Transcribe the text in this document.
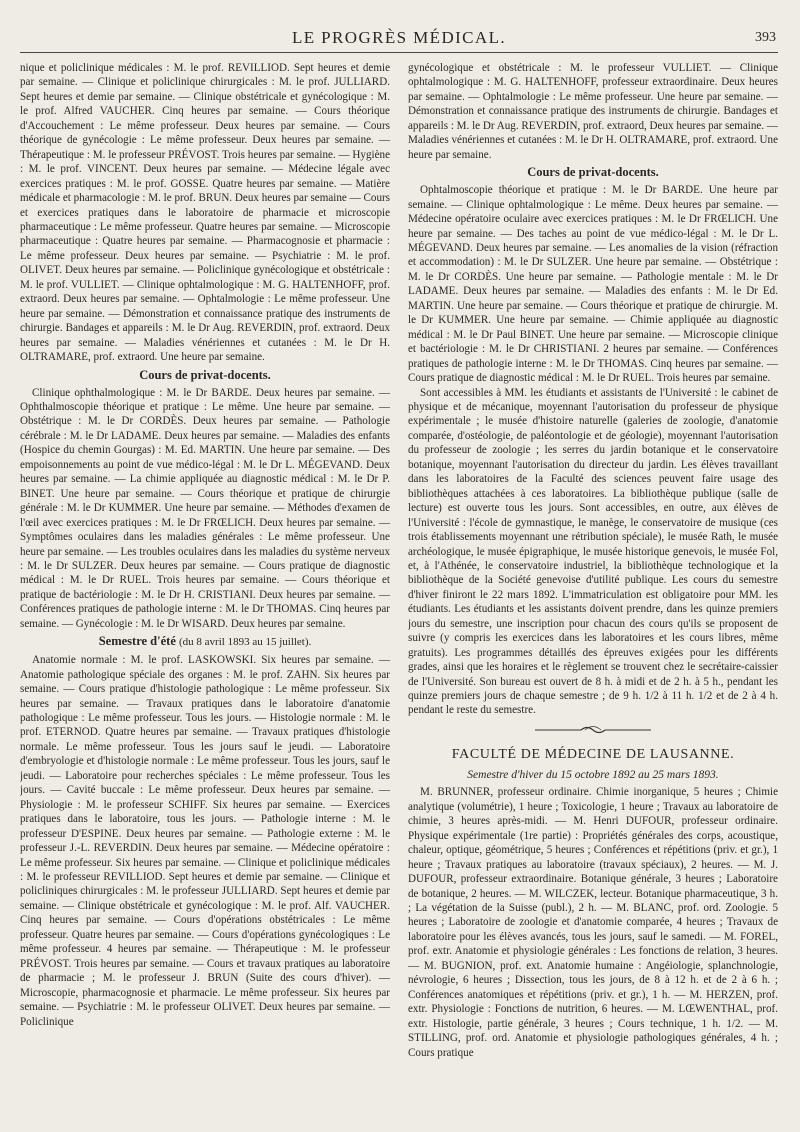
LE PROGRÈS MÉDICAL.	393

nique et policlinique médicales : M. le prof. REVILLIOD. Sept heures et demie par semaine. — Clinique et policlinique chirurgicales : M. le prof. JULLIARD. Sept heures et demie par semaine. — Clinique obstétricale et gynécologique : M. le prof. Alfred VAUCHER. Cinq heures par semaine. — Cours théorique d'Accouchement : Le même professeur. Deux heures par semaine. — Cours théorique de gynécologie : Le même professeur. Deux heures par semaine. — Thérapeutique : M. le professeur PRÉVOST. Trois heures par semaine. — Hygiène : M. le prof. VINCENT. Deux heures par semaine. — Médecine légale avec exercices pratiques : M. le prof. GOSSE. Quatre heures par semaine. — Matière médicale et pharmacologie : M. le prof. BRUN. Deux heures par semaine — Cours et exercices pratiques dans le laboratoire de pharmacie et microscopie pharmaceutique : Le même professeur. Quatre heures par semaine. — Microscopie pharmaceutique : Quatre heures par semaine. — Pharmacognosie et pharmacie : Le même professeur. Deux heures par semaine. — Psychiatrie : M. le prof. OLIVET. Deux heures par semaine. — Policlinique gynécologique et obstétricale : M. le prof. VULLIET. — Clinique ophtalmologique : M. G. HALTENHOFF, prof. extraord. Deux heures par semaine. — Ophtalmologie : Le même professeur. Une heure par semaine. — Démonstration et connaissance pratique des instruments de chirurgie. Bandages et appareils : M. le Dr Aug. REVERDIN, prof. extraord. Deux heures par semaine. — Maladies vénériennes et cutanées : M. le Dr H. OLTRAMARE, prof. extraord. Une heure par semaine.

Cours de privat-docents.

Clinique ophthalmologique : M. le Dr BARDE. Deux heures par semaine. — Ophthalmoscopie théorique et pratique : Le même. Une heure par semaine. — Obstétrique : M. le Dr CORDÈS. Deux heures par semaine. — Pathologie cérébrale : M. le Dr LADAME. Deux heures par semaine. — Maladies des enfants (Hospice du chemin Gourgas) : M. Ed. MARTIN. Une heure par semaine. — Des empoisonnements au point de vue médico-légal : M. le Dr L. MÉGEVAND. Deux heures par semaine. — La chimie appliquée au diagnostic médical : M. le Dr P. BINET. Une heure par semaine. — Cours théorique et pratique de chirurgie générale : M. le Dr KUMMER. Une heure par semaine. — Méthodes d'examen de l'œil avec exercices pratiques : M. le Dr FRŒLICH. Deux heures par semaine. — Symptômes oculaires dans les maladies générales : Le même professeur. Une heure par semaine. — Les troubles oculaires dans les maladies du système nerveux : M. le Dr SULZER. Deux heures par semaine. — Cours pratique de diagnostic médical : M. le Dr RUEL. Trois heures par semaine. — Cours théorique et pratique de bactériologie : M. le Dr H. CRISTIANI. Deux heures par semaine. — Conférences pratiques de pathologie interne : M. le Dr THOMAS. Cinq heures par semaine. — Gynécologie : M. le Dr WISARD. Deux heures par semaine.

Semestre d'été (du 8 avril 1893 au 15 juillet).

Anatomie normale : M. le prof. LASKOWSKI. Six heures par semaine. — Anatomie pathologique spéciale des organes : M. le prof. ZAHN. Six heures par semaine. — Cours pratique d'histologie pathologique : Le même professeur. Six heures par semaine. — Travaux pratiques dans le laboratoire d'anatomie pathologique : Le même professeur. Tous les jours. — Histologie normale : M. le prof. ETERNOD. Quatre heures par semaine. — Travaux pratiques d'histologie normale. Le même professeur. Tous les jours sauf le jeudi. — Laboratoire d'embryologie et d'histologie normale : Le même professeur. Tous les jours, sauf le jeudi. — Laboratoire pour recherches spéciales : Le même professeur. Tous les jours. — Cavité buccale : Le même professeur. Deux heures par semaine. — Physiologie : M. le professeur SCHIFF. Six heures par semaine. — Exercices pratiques dans le laboratoire, tous les jours. — Pathologie interne : M. le professeur D'ESPINE. Deux heures par semaine. — Pathologie externe : M. le professeur J.-L. REVERDIN. Deux heures par semaine. — Médecine opératoire : Le même professeur. Six heures par semaine. — Clinique et policlinique médicales : M. le professeur REVILLIOD. Sept heures et demie par semaine. — Clinique et policliniques chirurgicales : M. le professeur JULLIARD. Sept heures et demie par semaine. — Clinique obstétricale et gynécologique : M. le prof. Alf. VAUCHER. Cinq heures par semaine. — Cours d'opérations obstétricales : Le même professeur. Quatre heures par semaine. — Cours d'opérations gynécologiques : Le même professeur. 4 heures par semaine. — Thérapeutique : M. le professeur PRÉVOST. Trois heures par semaine. — Cours et travaux pratiques au laboratoire de pharmacie ; M. le professeur J. BRUN (Suite des cours d'hiver). — Microscopie, pharmacognosie et pharmacie. Le même professeur. Six heures par semaine. — Psychiatrie : M. le professeur OLIVET. Deux heures par semaine. — Policlinique

gynécologique et obstétricale : M. le professeur VULLIET. — Clinique ophtalmologique : M. G. HALTENHOFF, professeur extraordinaire. Deux heures par semaine. — Ophtalmologie : Le même professeur. Une heure par semaine. — Démonstration et connaissance pratique des instruments de chirurgie. Bandages et appareils : M. le Dr Aug. REVERDIN, prof. extraord, Deux heures par semaine. — Maladies vénériennes et cutanées : M. le Dr H. OLTRAMARE, prof. extraord. Une heure par semaine.

Cours de privat-docents.

Ophtalmoscopie théorique et pratique : M. le Dr BARDE. Une heure par semaine. — Clinique ophtalmologique : Le même. Deux heures par semaine. — Médecine opératoire oculaire avec exercices pratiques : M. le Dr FRŒLICH. Une heure par semaine. — Des taches au point de vue médico-légal : M. le Dr L. MÉGEVAND. Deux heures par semaine. — Les anomalies de la vision (réfraction et accommodation) : M. le Dr SULZER. Une heure par semaine. — Obstétrique : M. le Dr CORDÈS. Une heure par semaine. — Pathologie mentale : M. le Dr LADAME. Deux heures par semaine. — Maladies des enfants : M. le Dr Ed. MARTIN. Une heure par semaine. — Cours théorique et pratique de chirurgie. M. le Dr KUMMER. Une heure par semaine. — Chimie appliquée au diagnostic médical : M. le Dr Paul BINET. Une heure par semaine. — Microscopie clinique et bactériologie : M. le Dr CHRISTIANI. 2 heures par semaine. — Conférences pratiques de pathologie interne : M. le Dr THOMAS. Cinq heures par semaine. — Cours pratique de diagnostic médical : M. le Dr RUEL. Trois heures par semaine.

Sont accessibles à MM. les étudiants et assistants de l'Université : le cabinet de physique et de mécanique, moyennant l'autorisation du professeur de physique expérimentale ; le musée d'histoire naturelle (galeries de zoologie, d'anatomie comparée, d'ostéologie, de paléontologie et de géologie), moyennant l'autorisation du professeur de zoologie ; les serres du jardin botanique et le conservatoire botanique, moyennant l'autorisation du directeur du jardin. Les élèves travaillant dans les laboratoires de la Faculté des sciences peuvent faire usage des bibliothèques attachées à ces laboratoires. La bibliothèque publique (salle de lecture) est ouverte tous les jours. Sont accessibles, en outre, aux élèves de l'Université : l'école de gymnastique, le manège, le conservatoire de musique (ces trois établissements moyennant une rétribution spéciale), le musée Rath, le musée archéologique, le musée épigraphique, le musée historique genevois, le musée Fol, et, à l'Athénée, le conservatoire industriel, la bibliothèque technologique et la bibliothèque de la Société genevoise d'utilité publique. Les cours du semestre d'hiver finiront le 22 mars 1892. L'immatriculation est obligatoire pour MM. les étudiants. Les étudiants et les assistants doivent prendre, dans les quinze premiers jours du semestre, une inscription pour chacun des cours qu'ils se proposent de suivre (y compris les exercices dans les laboratoires et les cours libres, même gratuits). Les programmes détaillés des épreuves exigées pour les différents grades, ainsi que les horaires et le règlement se trouvent chez le secrétaire-caissier de l'Université. Son bureau est ouvert de 8 h. à midi et de 2 h. à 5 h., pendant les quinze premiers jours de chaque semestre ; de 9 h. 1/2 à 11 h. 1/2 et de 2 à 4 h. pendant le reste du semestre.

FACULTÉ DE MÉDECINE DE LAUSANNE.
Semestre d'hiver du 15 octobre 1892 au 25 mars 1893.

M. BRUNNER, professeur ordinaire. Chimie inorganique, 5 heures ; Chimie analytique (volumétrie), 1 heure ; Toxicologie, 1 heure ; Travaux au laboratoire de chimie, 3 heures après-midi. — M. Henri DUFOUR, professeur ordinaire. Physique expérimentale (1re partie) : Propriétés générales des corps, acoustique, chaleur, optique, géométrique, 5 heures ; Conférences et répétitions (priv. et gr.), 1 heure ; Travaux pratiques au laboratoire (travaux spéciaux), 2 heures. — M. J. DUFOUR, professeur extraordinaire. Botanique générale, 3 heures ; Laboratoire de botanique, 2 heures. — M. WILCZEK, lecteur. Botanique pharmaceutique, 3 h. ; La végétation de la Suisse (publ.), 2 h. — M. BLANC, prof. ord. Zoologie. 5 heures ; Laboratoire de zoologie et d'anatomie comparée, 4 heures ; Travaux de laboratoire pour les élèves avancés, tous les jours, sauf le samedi. — M. FOREL, prof. extr. Anatomie et physiologie générales : Les fonctions de relation, 3 heures. — M. BUGNION, prof. ext. Anatomie humaine : Angéiologie, splanchnologie, névrologie, 6 heures ; Dissection, tous les jours, de 8 à 12 h. et de 2 à 6 h. ; Conférences anatomiques et répétitions (priv. et gr.), 1 h. — M. HERZEN, prof. extr. Physiologie : Fonctions de nutrition, 6 heures. — M. LŒWENTHAL, prof. extr. Histologie, partie générale, 3 heures ; Cours technique, 1 h. 1/2. — M. STILLING, prof. ord. Anatomie et physiologie pathologiques générales, 4 h. ; Cours pratique
